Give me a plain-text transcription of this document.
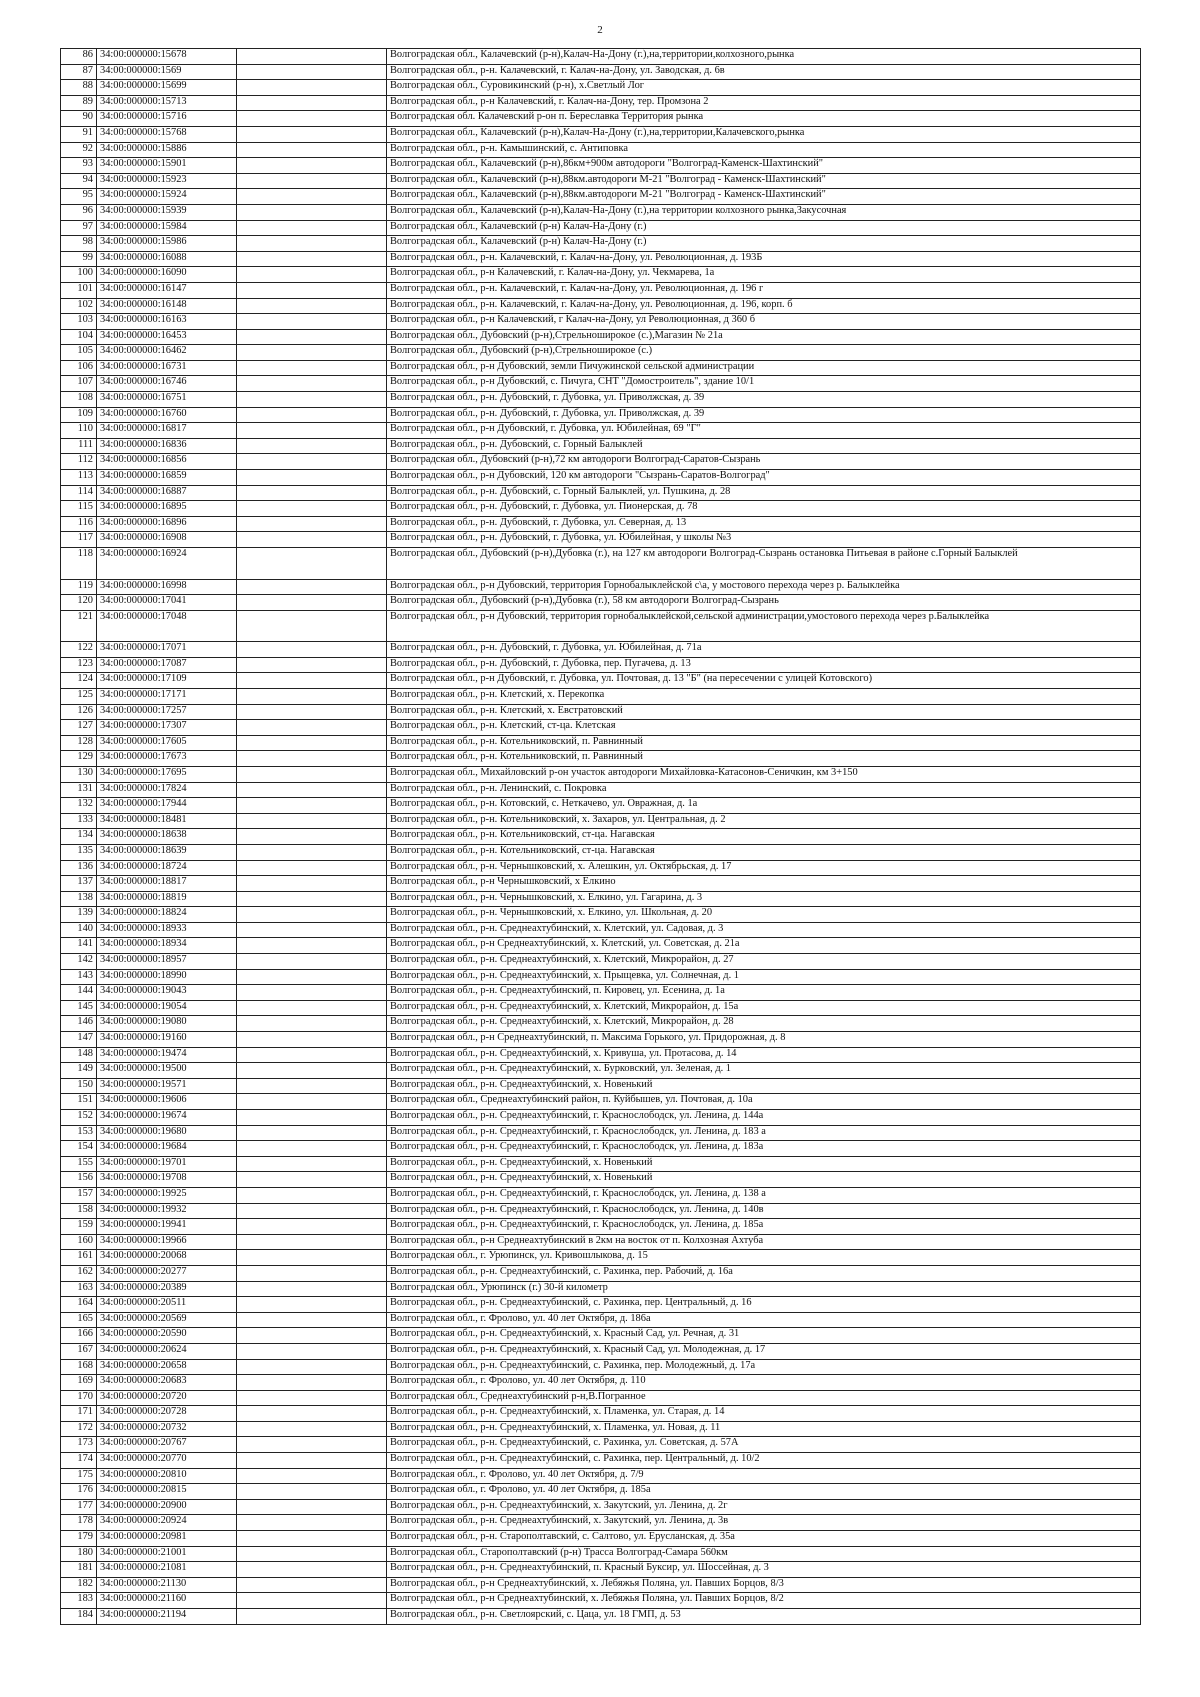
2
86	34:00:000000:15678		Волгоградская обл., Калачевский (р-н),Калач-На-Дону (г.),на,территории,колхозного,рынка
87	34:00:000000:1569		Волгоградская обл., р-н. Калачевский, г. Калач-на-Дону, ул. Заводская, д. 6в
88	34:00:000000:15699		Волгоградская обл., Суровикинский (р-н), х.Светлый Лог
89	34:00:000000:15713		Волгоградская обл., р-н Калачевский, г. Калач-на-Дону, тер. Промзона 2
90	34:00:000000:15716		Волгоградская обл. Калачевский р-он п. Береславка Территория рынка
91	34:00:000000:15768		Волгоградская обл., Калачевский (р-н),Калач-На-Дону (г.),на,территории,Калачевского,рынка
92	34:00:000000:15886		Волгоградская обл., р-н. Камышинский, с. Антиповка
93	34:00:000000:15901		Волгоградская обл., Калачевский (р-н),86км+900м автодороги "Волгоград-Каменск-Шахтинский"
94	34:00:000000:15923		Волгоградская обл., Калачевский (р-н),88км.автодороги М-21 "Волгоград - Каменск-Шахтинский"
95	34:00:000000:15924		Волгоградская обл., Калачевский (р-н),88км.автодороги М-21 "Волгоград - Каменск-Шахтинский"
96	34:00:000000:15939		Волгоградская обл., Калачевский (р-н),Калач-На-Дону (г.),на территории колхозного рынка,Закусочная
97	34:00:000000:15984		Волгоградская обл., Калачевский (р-н) Калач-На-Дону (г.)
98	34:00:000000:15986		Волгоградская обл., Калачевский (р-н) Калач-На-Дону (г.)
99	34:00:000000:16088		Волгоградская обл., р-н. Калачевский, г. Калач-на-Дону, ул. Революционная, д. 193Б
100	34:00:000000:16090		Волгоградская обл., р-н Калачевский, г. Калач-на-Дону, ул. Чекмарева, 1а
101	34:00:000000:16147		Волгоградская обл., р-н. Калачевский, г. Калач-на-Дону, ул. Революционная, д. 196 г
102	34:00:000000:16148		Волгоградская обл., р-н. Калачевский, г. Калач-на-Дону, ул. Революционная, д. 196, корп. б
103	34:00:000000:16163		Волгоградская обл., р-н Калачевский, г Калач-на-Дону, ул Революционная, д 360 б
104	34:00:000000:16453		Волгоградская обл., Дубовский (р-н),Стрельноширокое (с.),Магазин № 21а
105	34:00:000000:16462		Волгоградская обл., Дубовский (р-н),Стрельноширокое (с.)
106	34:00:000000:16731		Волгоградская обл., р-н Дубовский, земли Пичужинской сельской администрации
107	34:00:000000:16746		Волгоградская обл., р-н Дубовский, с. Пичуга, СНТ "Домостроитель", здание 10/1
108	34:00:000000:16751		Волгоградская обл., р-н. Дубовский, г. Дубовка, ул. Приволжская, д. 39
109	34:00:000000:16760		Волгоградская обл., р-н. Дубовский, г. Дубовка, ул. Приволжская, д. 39
110	34:00:000000:16817		Волгоградская обл., р-н Дубовский, г. Дубовка, ул. Юбилейная, 69 "Г"
111	34:00:000000:16836		Волгоградская обл., р-н. Дубовский, с. Горный Балыклей
112	34:00:000000:16856		Волгоградская обл., Дубовский (р-н),72 км автодороги Волгоград-Саратов-Сызрань
113	34:00:000000:16859		Волгоградская обл., р-н Дубовский, 120 км автодороги "Сызрань-Саратов-Волгоград"
114	34:00:000000:16887		Волгоградская обл., р-н. Дубовский, с. Горный Балыклей, ул. Пушкина, д. 28
115	34:00:000000:16895		Волгоградская обл., р-н. Дубовский, г. Дубовка, ул. Пионерская, д. 78
116	34:00:000000:16896		Волгоградская обл., р-н. Дубовский, г. Дубовка, ул. Северная, д. 13
117	34:00:000000:16908		Волгоградская обл., р-н. Дубовский, г. Дубовка, ул. Юбилейная, у школы №3
118	34:00:000000:16924		Волгоградская обл., Дубовский (р-н),Дубовка (г.), на 127 км автодороги Волгоград-Сызрань остановка Питьевая в районе с.Горный Балыклей
119	34:00:000000:16998		Волгоградская обл., р-н Дубовский, территория Горнобалыклейской с\а, у мостового перехода через р. Балыклейка
120	34:00:000000:17041		Волгоградская обл., Дубовский (р-н),Дубовка (г.), 58 км автодороги Волгоград-Сызрань
121	34:00:000000:17048		Волгоградская обл., р-н Дубовский, территория горнобалыклейской,сельской администрации,умостового перехода через р.Балыклейка
122	34:00:000000:17071		Волгоградская обл., р-н. Дубовский, г. Дубовка, ул. Юбилейная, д. 71а
123	34:00:000000:17087		Волгоградская обл., р-н. Дубовский, г. Дубовка, пер. Пугачева, д. 13
124	34:00:000000:17109		Волгоградская обл., р-н Дубовский, г. Дубовка, ул. Почтовая, д. 13 "Б" (на пересечении с улицей Котовского)
125	34:00:000000:17171		Волгоградская обл., р-н. Клетский, х. Перекопка
126	34:00:000000:17257		Волгоградская обл., р-н. Клетский, х. Евстратовский
127	34:00:000000:17307		Волгоградская обл., р-н. Клетский, ст-ца. Клетская
128	34:00:000000:17605		Волгоградская обл., р-н. Котельниковский, п. Равнинный
129	34:00:000000:17673		Волгоградская обл., р-н. Котельниковский, п. Равнинный
130	34:00:000000:17695		Волгоградская обл., Михайловский р-он участок автодороги Михайловка-Катасонов-Сеничкин, км 3+150
131	34:00:000000:17824		Волгоградская обл., р-н. Ленинский, с. Покровка
132	34:00:000000:17944		Волгоградская обл., р-н. Котовский, с. Неткачево, ул. Овражная, д. 1а
133	34:00:000000:18481		Волгоградская обл., р-н. Котельниковский, х. Захаров, ул. Центральная, д. 2
134	34:00:000000:18638		Волгоградская обл., р-н. Котельниковский, ст-ца. Нагавская
135	34:00:000000:18639		Волгоградская обл., р-н. Котельниковский, ст-ца. Нагавская
136	34:00:000000:18724		Волгоградская обл., р-н. Чернышковский, х. Алешкин, ул. Октябрьская, д. 17
137	34:00:000000:18817		Волгоградская обл., р-н Чернышковский, х Елкино
138	34:00:000000:18819		Волгоградская обл., р-н. Чернышковский, х. Елкино, ул. Гагарина, д. 3
139	34:00:000000:18824		Волгоградская обл., р-н. Чернышковский, х. Елкино, ул. Школьная, д. 20
140	34:00:000000:18933		Волгоградская обл., р-н. Среднеахтубинский, х. Клетский, ул. Садовая, д. 3
141	34:00:000000:18934		Волгоградская обл., р-н Среднеахтубинский, х. Клетский, ул. Советская, д. 21а
142	34:00:000000:18957		Волгоградская обл., р-н. Среднеахтубинский, х. Клетский, Микрорайон, д. 27
143	34:00:000000:18990		Волгоградская обл., р-н. Среднеахтубинский, х. Прыщевка, ул. Солнечная, д. 1
144	34:00:000000:19043		Волгоградская обл., р-н. Среднеахтубинский, п. Кировец, ул. Есенина, д. 1а
145	34:00:000000:19054		Волгоградская обл., р-н. Среднеахтубинский, х. Клетский, Микрорайон, д. 15а
146	34:00:000000:19080		Волгоградская обл., р-н. Среднеахтубинский, х. Клетский, Микрорайон, д. 28
147	34:00:000000:19160		Волгоградская обл., р-н Среднеахтубинский, п. Максима Горького, ул. Придорожная, д. 8
148	34:00:000000:19474		Волгоградская обл., р-н. Среднеахтубинский, х. Кривуша, ул. Протасова, д. 14
149	34:00:000000:19500		Волгоградская обл., р-н. Среднеахтубинский, х. Бурковский, ул. Зеленая, д. 1
150	34:00:000000:19571		Волгоградская обл., р-н. Среднеахтубинский, х. Новенький
151	34:00:000000:19606		Волгоградская обл., Среднеахтубинский район, п. Куйбышев, ул. Почтовая, д. 10а
152	34:00:000000:19674		Волгоградская обл., р-н. Среднеахтубинский, г. Краснослободск, ул. Ленина, д. 144а
153	34:00:000000:19680		Волгоградская обл., р-н. Среднеахтубинский, г. Краснослободск, ул. Ленина, д. 183 а
154	34:00:000000:19684		Волгоградская обл., р-н. Среднеахтубинский, г. Краснослободск, ул. Ленина, д. 183а
155	34:00:000000:19701		Волгоградская обл., р-н. Среднеахтубинский, х. Новенький
156	34:00:000000:19708		Волгоградская обл., р-н. Среднеахтубинский, х. Новенький
157	34:00:000000:19925		Волгоградская обл., р-н. Среднеахтубинский, г. Краснослободск, ул. Ленина, д. 138 а
158	34:00:000000:19932		Волгоградская обл., р-н. Среднеахтубинский, г. Краснослободск, ул. Ленина, д. 140в
159	34:00:000000:19941		Волгоградская обл., р-н. Среднеахтубинский, г. Краснослободск, ул. Ленина, д. 185а
160	34:00:000000:19966		Волгоградская обл., р-н Среднеахтубинский в 2км на восток от п. Колхозная Ахтуба
161	34:00:000000:20068		Волгоградская обл., г. Урюпинск, ул. Кривошлыкова, д. 15
162	34:00:000000:20277		Волгоградская обл., р-н. Среднеахтубинский, с. Рахинка, пер. Рабочий, д. 16а
163	34:00:000000:20389		Волгоградская обл., Урюпинск (г.) 30-й километр
164	34:00:000000:20511		Волгоградская обл., р-н. Среднеахтубинский, с. Рахинка, пер. Центральный, д. 16
165	34:00:000000:20569		Волгоградская обл., г. Фролово, ул. 40 лет Октября, д. 186а
166	34:00:000000:20590		Волгоградская обл., р-н. Среднеахтубинский, х. Красный Сад, ул. Речная, д. 31
167	34:00:000000:20624		Волгоградская обл., р-н. Среднеахтубинский, х. Красный Сад, ул. Молодежная, д. 17
168	34:00:000000:20658		Волгоградская обл., р-н. Среднеахтубинский, с. Рахинка, пер. Молодежный, д. 17а
169	34:00:000000:20683		Волгоградская обл., г. Фролово, ул. 40 лет Октября, д. 110
170	34:00:000000:20720		Волгоградская обл., Среднеахтубинский р-н,В.Погранное
171	34:00:000000:20728		Волгоградская обл., р-н. Среднеахтубинский, х. Пламенка, ул. Старая, д. 14
172	34:00:000000:20732		Волгоградская обл., р-н. Среднеахтубинский, х. Пламенка, ул. Новая, д. 11
173	34:00:000000:20767		Волгоградская обл., р-н. Среднеахтубинский, с. Рахинка, ул. Советская, д. 57А
174	34:00:000000:20770		Волгоградская обл., р-н. Среднеахтубинский, с. Рахинка, пер. Центральный, д. 10/2
175	34:00:000000:20810		Волгоградская обл., г. Фролово, ул. 40 лет Октября, д. 7/9
176	34:00:000000:20815		Волгоградская обл., г. Фролово, ул. 40 лет Октября, д. 185а
177	34:00:000000:20900		Волгоградская обл., р-н. Среднеахтубинский, х. Закутский, ул. Ленина, д. 2г
178	34:00:000000:20924		Волгоградская обл., р-н. Среднеахтубинский, х. Закутский, ул. Ленина, д. 3в
179	34:00:000000:20981		Волгоградская обл., р-н. Старополтавский, с. Салтово, ул. Ерусланская, д. 35а
180	34:00:000000:21001		Волгоградская обл., Старополтавский (р-н) Трасса Волгоград-Самара 560км
181	34:00:000000:21081		Волгоградская обл., р-н. Среднеахтубинский, п. Красный Буксир, ул. Шоссейная, д. 3
182	34:00:000000:21130		Волгоградская обл., р-н Среднеахтубинский, х. Лебяжья Поляна, ул. Павших Борцов, 8/3
183	34:00:000000:21160		Волгоградская обл., р-н Среднеахтубинский, х. Лебяжья Поляна, ул. Павших Борцов, 8/2
184	34:00:000000:21194		Волгоградская обл., р-н. Светлоярский, с. Цаца, ул. 18 ГМП, д. 53
